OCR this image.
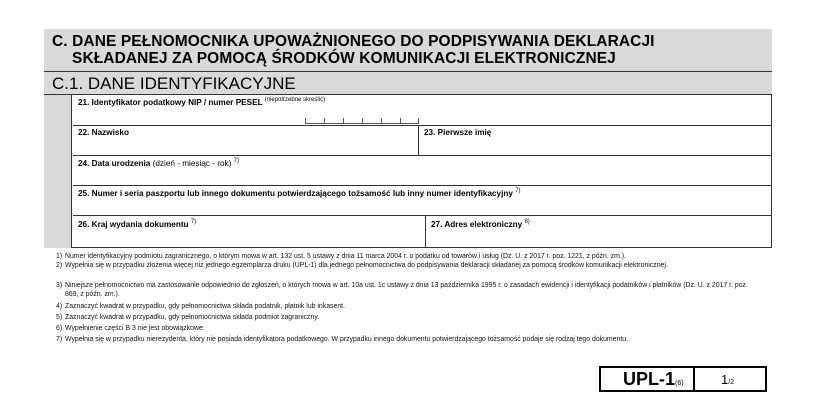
C. DANE PEŁNOMOCNIKA UPOWAŻNIONEGO DO PODPISYWANIA DEKLARACJI
SKŁADANEJ ZA POMOCĄ ŚRODKÓW KOMUNIKACJI ELEKTRONICZNEJ
C.1. DANE IDENTYFIKACYJNE
21. Identyfikator podatkowy NIP / numer PESEL $^{(niepotrzebne skreślić)}$
22. Nazwisko	23. Pierwsze imię
24. Data urodzenia (dzień - miesiąc - rok) $^{7)}$
25. Numer i seria paszportu lub innego dokumentu potwierdzającego tożsamość lub inny numer identyfikacyjny $^{7)}$
26. Kraj wydania dokumentu $^{7)}$	27. Adres elektroniczny $^{8)}$
1) Numer identyfikacyjny podmiotu zagranicznego, o którym mowa w art. 132 ust. 5 ustawy z dnia 11 marca 2004 r. o podatku od towarów i usług (Dz. U. z 2017 r. poz. 1221, z późn. zm.).
2) Wypełnia się w przypadku złożenia więcej niż jednego egzemplarza druku (UPL-1) dla jednego pełnomocnictwa do podpisywania deklaracji składanej za pomocą środków komunikacji elektronicznej.
3) Niniejsze pełnomocnictwo ma zastosowanie odpowiednio do zgłoszeń, o których mowa w art. 10a ust. 1c ustawy z dnia 13 października 1995 r. o zasadach ewidencji i identyfikacji podatników i płatników (Dz. U. z 2017 r. poz. 869, z późn. zm.).
4) Zaznaczyć kwadrat w przypadku, gdy pełnomocnictwa składa podatnik, płatnik lub inkasent.
5) Zaznaczyć kwadrat w przypadku, gdy pełnomocnictwa składa podmiot zagraniczny.
6) Wypełnienie części B.3 nie jest obowiązkowe.
7) Wypełnia się w przypadku nierezydenta, który nie posiada identyfikatora podatkowego. W przypadku innego dokumentu potwierdzającego tożsamość podaje się rodzaj tego dokumentu.
UPL-1(6)	1/2
